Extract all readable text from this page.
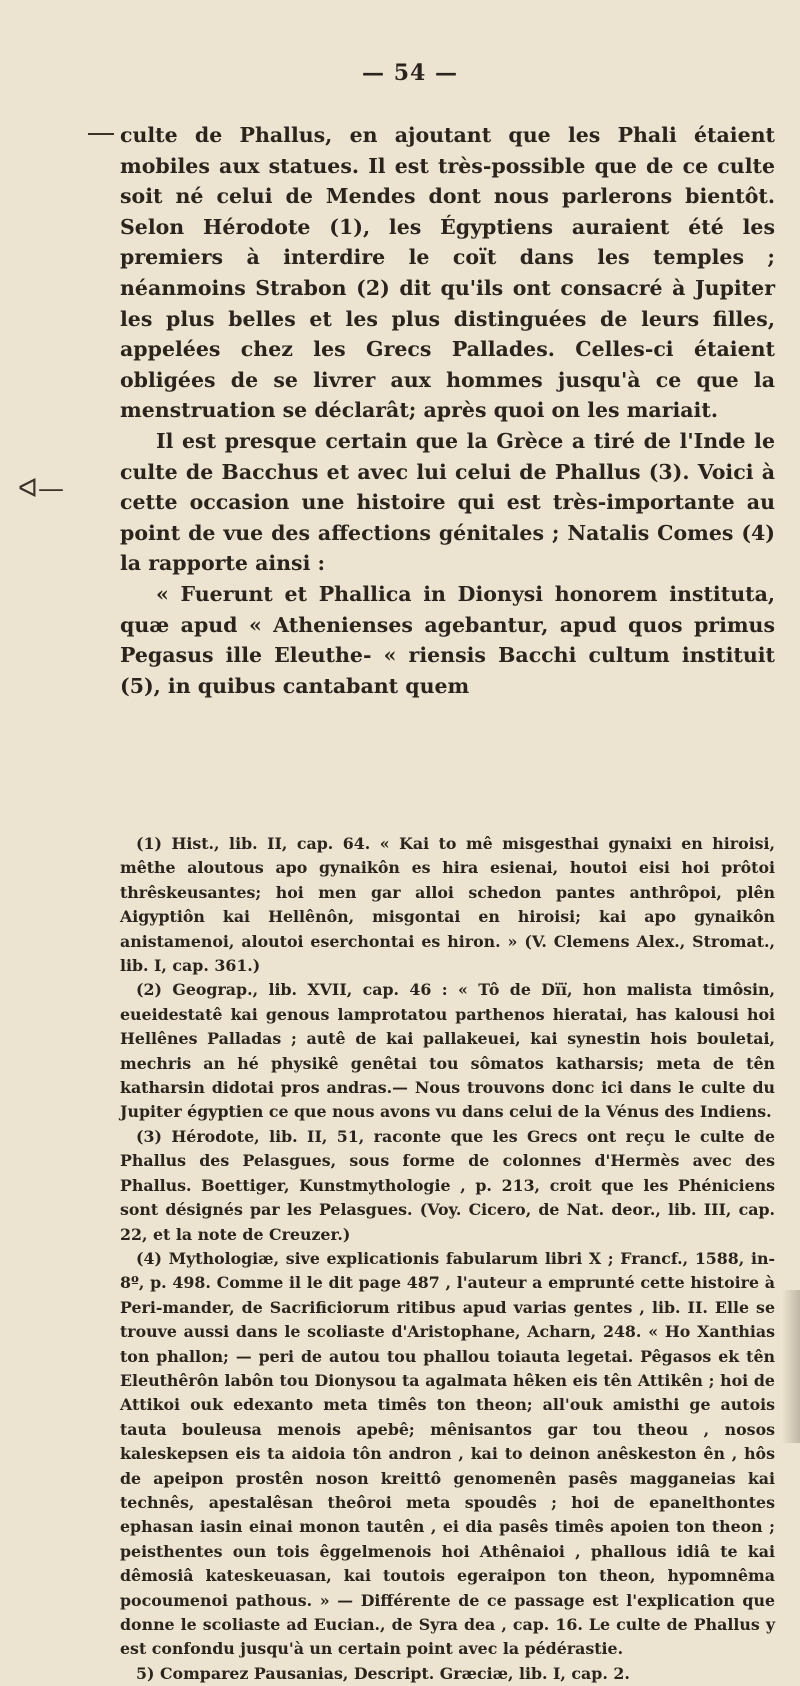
— 54 —
ᐊ—

culte de Phallus, en ajoutant que les Phali étaient mobiles aux statues. Il est très-possible que de ce culte soit né celui de Mendes dont nous parlerons bientôt. Selon Hérodote (1), les Égyptiens auraient été les premiers à interdire le coït dans les temples ; néanmoins Strabon (2) dit qu'ils ont consacré à Jupiter les plus belles et les plus distinguées de leurs filles, appelées chez les Grecs Pallades. Celles-ci étaient obligées de se livrer aux hommes jusqu'à ce que la menstruation se déclarât; après quoi on les mariait.

Il est presque certain que la Grèce a tiré de l'Inde le culte de Bacchus et avec lui celui de Phallus (3). Voici à cette occasion une histoire qui est très-importante au point de vue des affections génitales ; Natalis Comes (4) la rapporte ainsi :

« Fuerunt et Phallica in Dionysi honorem instituta, quæ apud « Athenienses agebantur, apud quos primus Pegasus ille Eleuthe- « riensis Bacchi cultum instituit (5), in quibus cantabant quem

(1) Hist., lib. II, cap. 64. « Kai to mê misgesthai gynaixi en hiroisi, mêthe aloutous apo gynaikôn es hira esienai, houtoi eisi hoi prôtoi thrêskeusantes; hoi men gar alloi schedon pantes anthrôpoi, plên Aigyptiôn kai Hellênôn, misgontai en hiroisi; kai apo gynaikôn anistamenoi, aloutoi eserchontai es hiron. » (V. Clemens Alex., Stromat., lib. I, cap. 361.)

(2) Geograp., lib. XVII, cap. 46 : « Tô de Dïï, hon malista timôsin, eueidestatê kai genous lamprotatou parthenos hieratai, has kalousi hoi Hellênes Palladas ; autê de kai pallakeuei, kai synestin hois bouletai, mechris an hé physikê genêtai tou sômatos katharsis; meta de tên katharsin didotai pros andras.— Nous trouvons donc ici dans le culte du Jupiter égyptien ce que nous avons vu dans celui de la Vénus des Indiens.

(3) Hérodote, lib. II, 51, raconte que les Grecs ont reçu le culte de Phallus des Pelasgues, sous forme de colonnes d'Hermès avec des Phallus. Boettiger, Kunstmythologie , p. 213, croit que les Phéniciens sont désignés par les Pelasgues. (Voy. Cicero, de Nat. deor., lib. III, cap. 22, et la note de Creuzer.)

(4) Mythologiæ, sive explicationis fabularum libri X ; Francf., 1588, in-8º, p. 498. Comme il le dit page 487 , l'auteur a emprunté cette histoire à Peri-mander, de Sacrificiorum ritibus apud varias gentes , lib. II. Elle se trouve aussi dans le scoliaste d'Aristophane, Acharn, 248. « Ho Xanthias ton phallon; — peri de autou tou phallou toiauta legetai. Pêgasos ek tên Eleuthêrôn labôn tou Dionysou ta agalmata hêken eis tên Attikên ; hoi de Attikoi ouk edexanto meta timês ton theon; all'ouk amisthi ge autois tauta bouleusa menois apebê; mênisantos gar tou theou , nosos kaleskepsen eis ta aidoia tôn andron , kai to deinon anêskeston ên , hôs de apeipon prostên noson kreittô genomenên pasês magganeias kai technês, apestalêsan theôroi meta spoudês ; hoi de epanelthontes ephasan iasin einai monon tautên , ei dia pasês timês apoien ton theon ; peisthentes oun tois êggelmenois hoi Athênaioi , phallous idiâ te kai dêmosiâ kateskeuasan, kai toutois egeraipon ton theon, hypomnêma pocoumenoi pathous. » — Différente de ce passage est l'explication que donne le scoliaste ad Eucian., de Syra dea , cap. 16. Le culte de Phallus y est confondu jusqu'à un certain point avec la pédérastie.

5) Comparez Pausanias, Descript. Græciæ, lib. I, cap. 2.
